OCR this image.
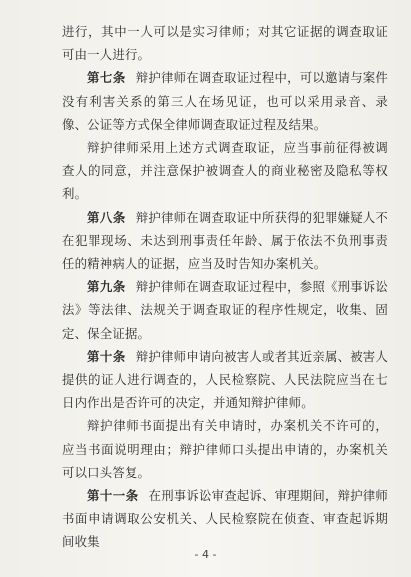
进行，其中一人可以是实习律师；对其它证据的调查取证可由一人进行。

第七条 辩护律师在调查取证过程中，可以邀请与案件没有利害关系的第三人在场见证，也可以采用录音、录像、公证等方式保全律师调查取证过程及结果。

辩护律师采用上述方式调查取证，应当事前征得被调查人的同意，并注意保护被调查人的商业秘密及隐私等权利。

第八条 辩护律师在调查取证中所获得的犯罪嫌疑人不在犯罪现场、未达到刑事责任年龄、属于依法不负刑事责任的精神病人的证据，应当及时告知办案机关。

第九条 辩护律师在调查取证过程中，参照《刑事诉讼法》等法律、法规关于调查取证的程序性规定，收集、固定、保全证据。

第十条 辩护律师申请向被害人或者其近亲属、被害人提供的证人进行调查的，人民检察院、人民法院应当在七日内作出是否许可的决定，并通知辩护律师。

辩护律师书面提出有关申请时，办案机关不许可的，应当书面说明理由；辩护律师口头提出申请的，办案机关可以口头答复。

第十一条 在刑事诉讼审查起诉、审理期间，辩护律师书面申请调取公安机关、人民检察院在侦查、审查起诉期间收集

- 4 -
